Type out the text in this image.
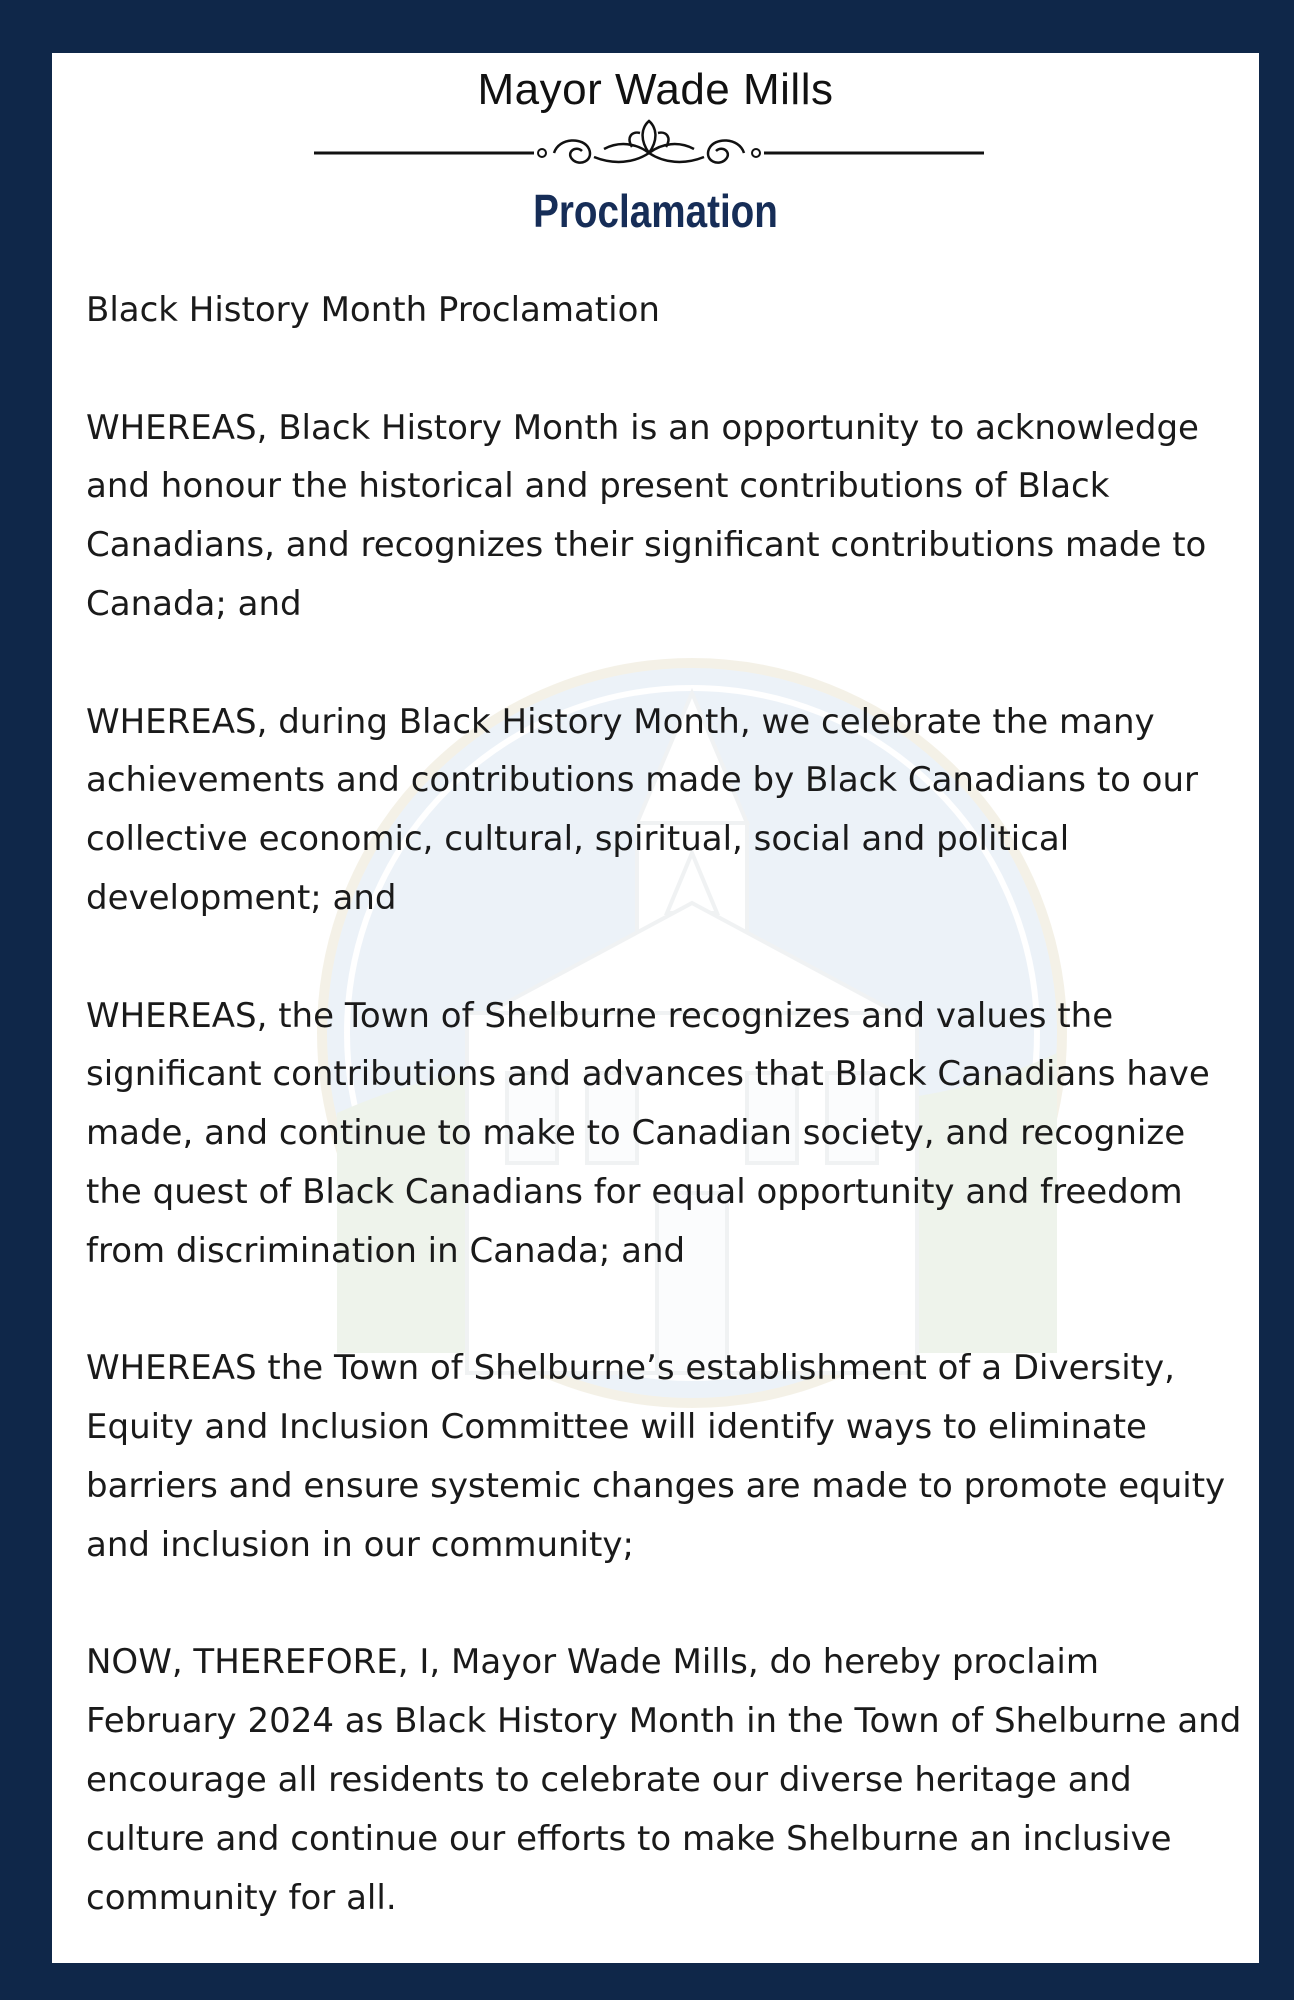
Mayor Wade Mills
Proclamation

Black History Month Proclamation

WHEREAS, Black History Month is an opportunity to acknowledge and honour the historical and present contributions of Black Canadians, and recognizes their significant contributions made to Canada; and

WHEREAS, during Black History Month, we celebrate the many achievements and contributions made by Black Canadians to our collective economic, cultural, spiritual, social and political development; and

WHEREAS, the Town of Shelburne recognizes and values the significant contributions and advances that Black Canadians have made, and continue to make to Canadian society, and recognize the quest of Black Canadians for equal opportunity and freedom from discrimination in Canada; and

WHEREAS the Town of Shelburne’s establishment of a Diversity, Equity and Inclusion Committee will identify ways to eliminate barriers and ensure systemic changes are made to promote equity and inclusion in our community;

NOW, THEREFORE, I, Mayor Wade Mills, do hereby proclaim February 2024 as Black History Month in the Town of Shelburne and encourage all residents to celebrate our diverse heritage and culture and continue our efforts to make Shelburne an inclusive community for all.
